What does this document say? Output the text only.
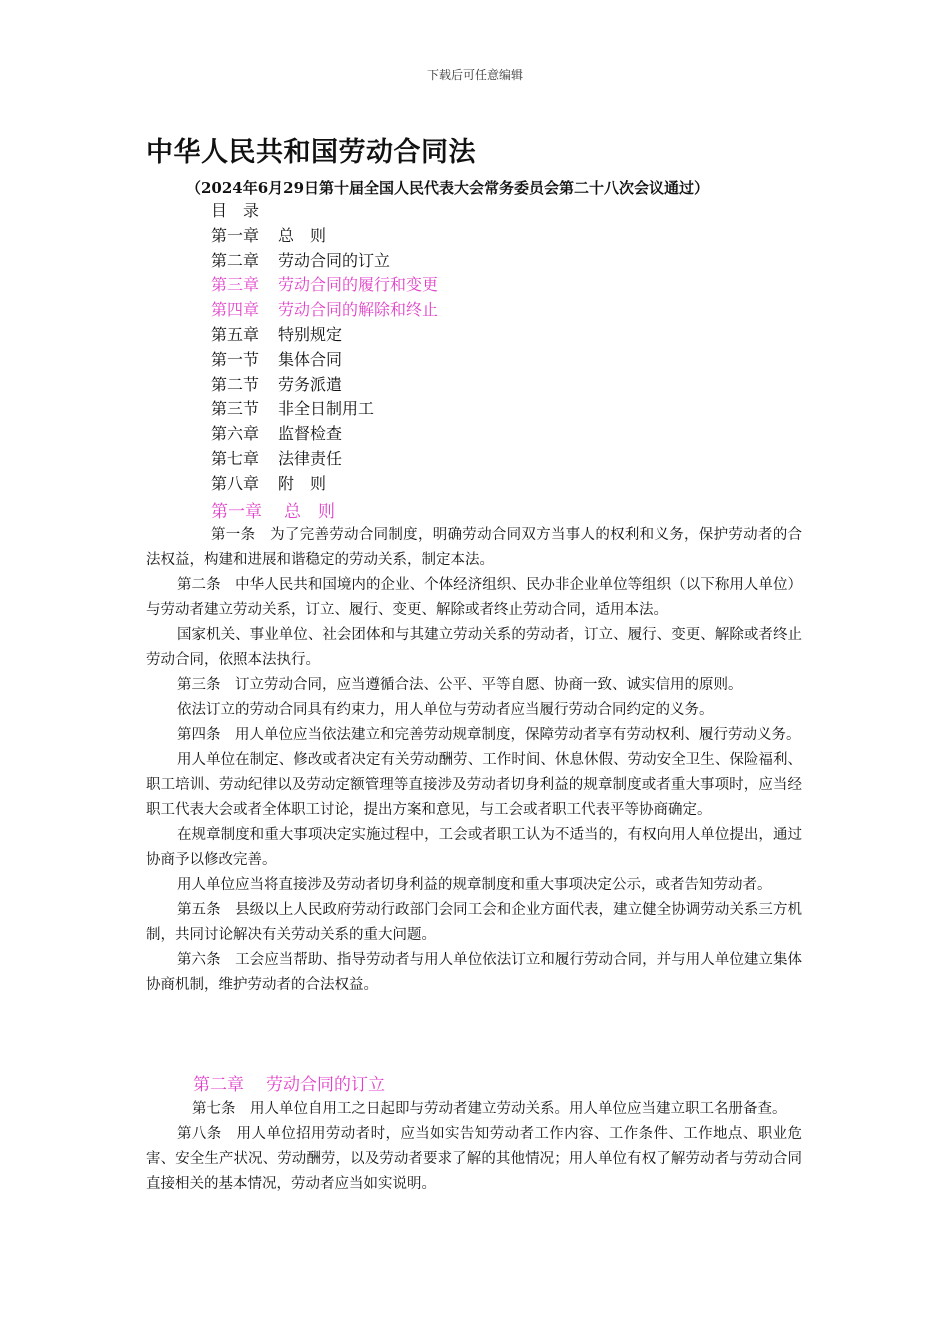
下载后可任意编辑
中华人民共和国劳动合同法
（2024年6月29日第十届全国人民代表大会常务委员会第二十八次会议通过）
目　录
第一章 总　则
第二章 劳动合同的订立
第三章 劳动合同的履行和变更
第四章 劳动合同的解除和终止
第五章 特别规定
第一节 集体合同
第二节 劳务派遣
第三节 非全日制用工
第六章 监督检查
第七章 法律责任
第八章 附　则
第一章 总　则

第一条　为了完善劳动合同制度，明确劳动合同双方当事人的权利和义务，保护劳动者的合法权益，构建和进展和谐稳定的劳动关系，制定本法。

第二条　中华人民共和国境内的企业、个体经济组织、民办非企业单位等组织（以下称用人单位）与劳动者建立劳动关系，订立、履行、变更、解除或者终止劳动合同，适用本法。

国家机关、事业单位、社会团体和与其建立劳动关系的劳动者，订立、履行、变更、解除或者终止劳动合同，依照本法执行。

第三条　订立劳动合同，应当遵循合法、公平、平等自愿、协商一致、诚实信用的原则。

依法订立的劳动合同具有约束力，用人单位与劳动者应当履行劳动合同约定的义务。

第四条　用人单位应当依法建立和完善劳动规章制度，保障劳动者享有劳动权利、履行劳动义务。

用人单位在制定、修改或者决定有关劳动酬劳、工作时间、休息休假、劳动安全卫生、保险福利、职工培训、劳动纪律以及劳动定额管理等直接涉及劳动者切身利益的规章制度或者重大事项时，应当经职工代表大会或者全体职工讨论，提出方案和意见，与工会或者职工代表平等协商确定。

在规章制度和重大事项决定实施过程中，工会或者职工认为不适当的，有权向用人单位提出，通过协商予以修改完善。

用人单位应当将直接涉及劳动者切身利益的规章制度和重大事项决定公示，或者告知劳动者。

第五条　县级以上人民政府劳动行政部门会同工会和企业方面代表，建立健全协调劳动关系三方机制，共同讨论解决有关劳动关系的重大问题。

第六条　工会应当帮助、指导劳动者与用人单位依法订立和履行劳动合同，并与用人单位建立集体协商机制，维护劳动者的合法权益。

第二章 劳动合同的订立

第七条　用人单位自用工之日起即与劳动者建立劳动关系。用人单位应当建立职工名册备查。

第八条　用人单位招用劳动者时，应当如实告知劳动者工作内容、工作条件、工作地点、职业危害、安全生产状况、劳动酬劳，以及劳动者要求了解的其他情况；用人单位有权了解劳动者与劳动合同直接相关的基本情况，劳动者应当如实说明。
